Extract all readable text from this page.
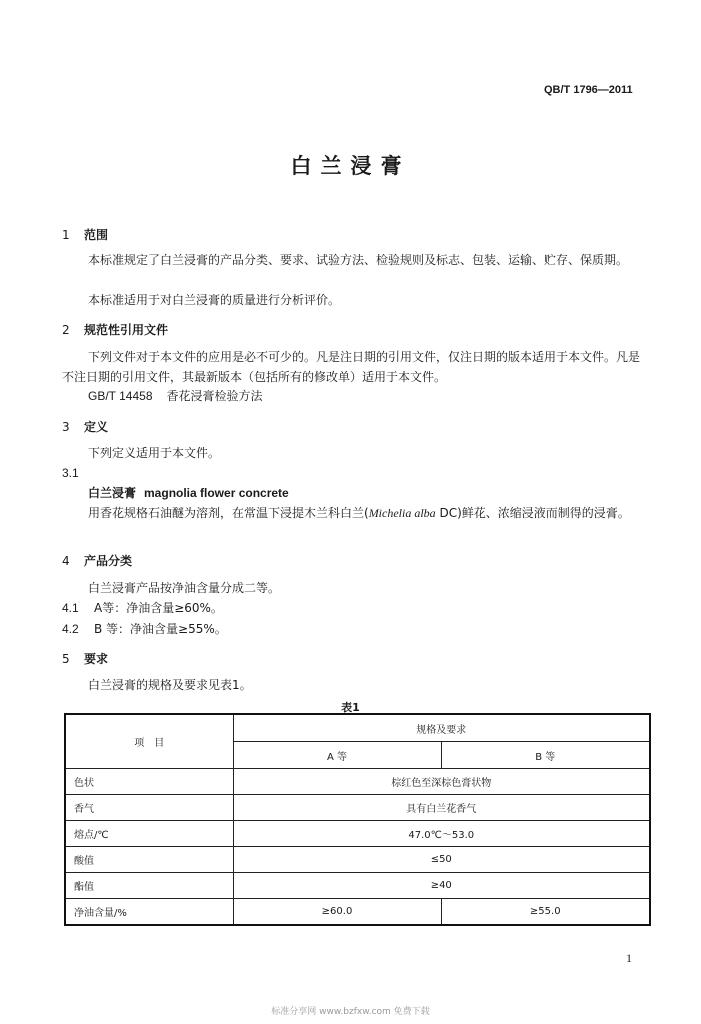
QB/T 1796—2011
白兰浸膏
1 范围
本标准规定了白兰浸膏的产品分类、要求、试验方法、检验规则及标志、包装、运输、贮存、保质期。
本标准适用于对白兰浸膏的质量进行分析评价。
2 规范性引用文件
下列文件对于本文件的应用是必不可少的。凡是注日期的引用文件，仅注日期的版本适用于本文件。凡是不注日期的引用文件，其最新版本（包括所有的修改单）适用于本文件。
GB/T 14458 香花浸膏检验方法
3 定义
下列定义适用于本文件。
3.1
白兰浸膏 magnolia flower concrete
用香花规格石油醚为溶剂，在常温下浸提木兰科白兰(Michelia alba DC)鲜花、浓缩浸液而制得的浸膏。
4 产品分类
白兰浸膏产品按净油含量分成二等。
4.1 A等：净油含量≥60%。
4.2 B 等：净油含量≥55%。
5 要求
白兰浸膏的规格及要求见表1。
表1
项　目	规格及要求	
	A 等	B 等
色状	棕红色至深棕色膏状物	
香气	具有白兰花香气	
熔点/℃	47.0℃～53.0	
酸值	≤50	
酯值	≥40	
净油含量/%	≥60.0	≥55.0
1
标准分享网 www.bzfxw.com 免费下载
